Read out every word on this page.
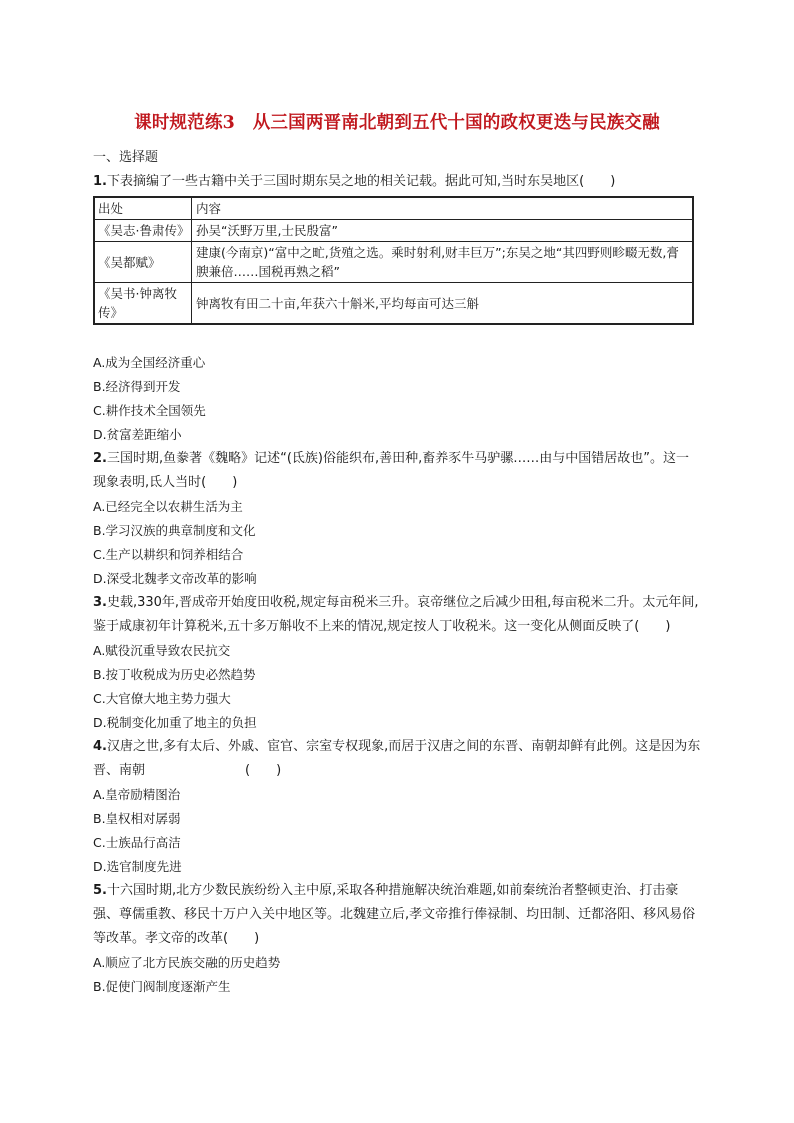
课时规范练3　从三国两晋南北朝到五代十国的政权更迭与民族交融

一、选择题

1.下表摘编了一些古籍中关于三国时期东吴之地的相关记载。据此可知,当时东吴地区(　　)

出处	内容
《吴志·鲁肃传》	孙吴“沃野万里,士民殷富”
《吴都赋》	建康(今南京)“富中之甿,货殖之选。乘时射利,财丰巨万”;东吴之地“其四野则畛畷无数,膏腴兼倍……国税再熟之稻”
《吴书·钟离牧传》	钟离牧有田二十亩,年获六十斛米,平均每亩可达三斛

A.成为全国经济重心

B.经济得到开发

C.耕作技术全国领先

D.贫富差距缩小

2.三国时期,鱼豢著《魏略》记述“(氐族)俗能织布,善田种,畜养豕牛马驴骡……由与中国错居故也”。这一现象表明,氐人当时(　　)

A.已经完全以农耕生活为主

B.学习汉族的典章制度和文化

C.生产以耕织和饲养相结合

D.深受北魏孝文帝改革的影响

3.史载,330年,晋成帝开始度田收税,规定每亩税米三升。哀帝继位之后减少田租,每亩税米二升。太元年间,鉴于咸康初年计算税米,五十多万斛收不上来的情况,规定按人丁收税米。这一变化从侧面反映了(　　)

A.赋役沉重导致农民抗交

B.按丁收税成为历史必然趋势

C.大官僚大地主势力强大

D.税制变化加重了地主的负担

4.汉唐之世,多有太后、外戚、宦官、宗室专权现象,而居于汉唐之间的东晋、南朝却鲜有此例。这是因为东晋、南朝	(　　)

A.皇帝励精图治

B.皇权相对孱弱

C.士族品行高洁

D.选官制度先进

5.十六国时期,北方少数民族纷纷入主中原,采取各种措施解决统治难题,如前秦统治者整顿吏治、打击豪强、尊儒重教、移民十万户入关中地区等。北魏建立后,孝文帝推行俸禄制、均田制、迁都洛阳、移风易俗等改革。孝文帝的改革(　　)

A.顺应了北方民族交融的历史趋势

B.促使门阀制度逐渐产生
